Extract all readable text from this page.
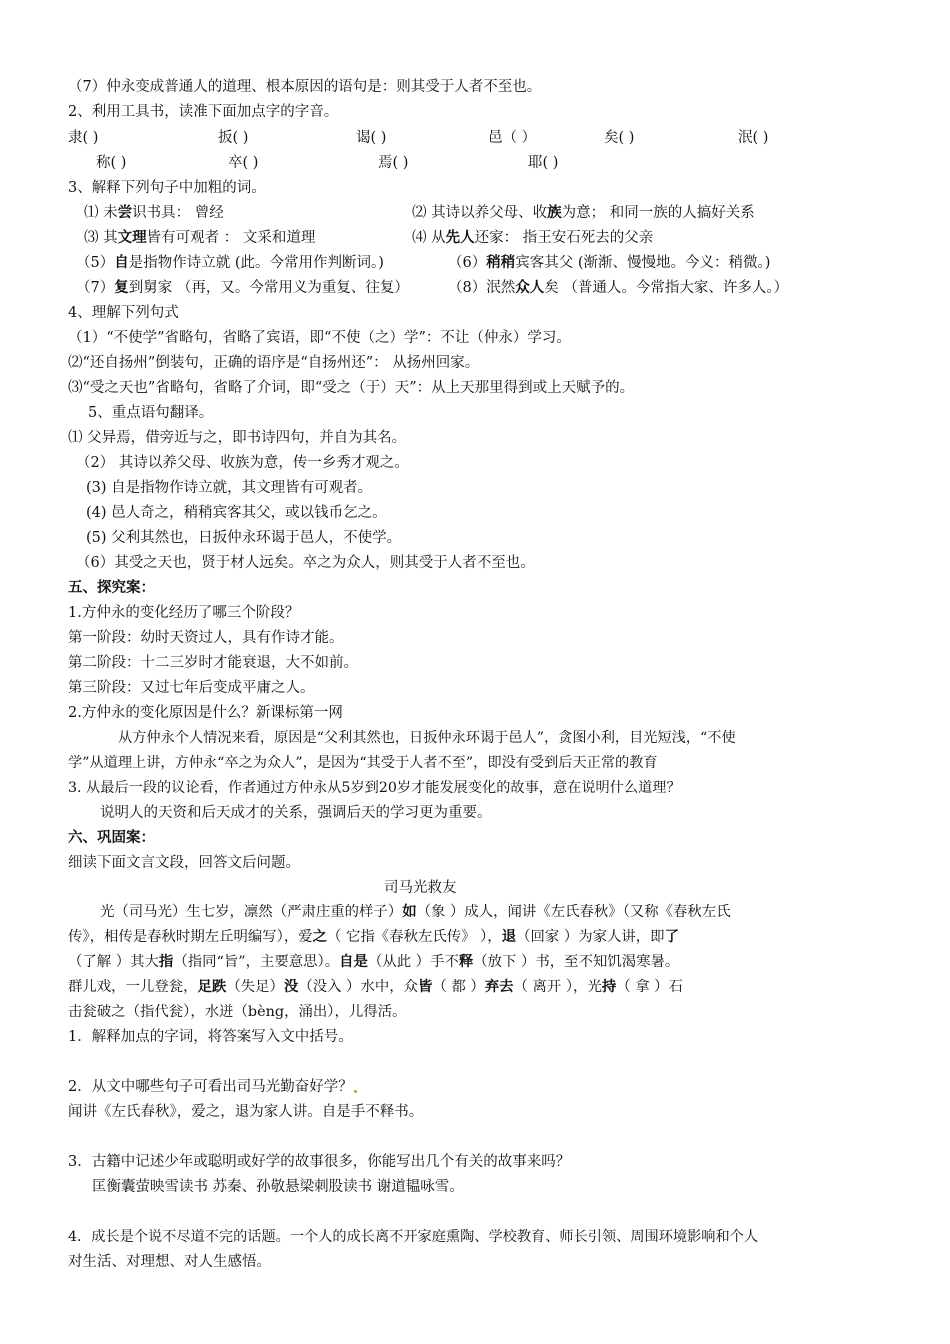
（7）仲永变成普通人的道理、根本原因的语句是：则其受于人者不至也。
2、利用工具书，读准下面加点字的字音。
隶( )	扳( )	谒( )	邑（ ）	矣( )	泯( )
称( )	卒( )	焉( )	耶( )
3、解释下列句子中加粗的词。
⑴ 未尝识书具： 曾经	⑵ 其诗以养父母、收族为意； 和同一族的人搞好关系
⑶ 其文理皆有可观者 ： 文采和道理	⑷ 从先人还家： 指王安石死去的父亲
（5）自是指物作诗立就 (此。今常用作判断词。)	（6）稍稍宾客其父 (渐渐、慢慢地。今义：稍微。)
（7）复到舅家 （再，又。今常用义为重复、往复）	（8）泯然众人矣 （普通人。今常指大家、许多人。）
4、理解下列句式
（1）“不使学”省略句，省略了宾语，即“不使（之）学”：不让（仲永）学习。
⑵“还自扬州”倒装句，正确的语序是“自扬州还”： 从扬州回家。
⑶“受之天也”省略句，省略了介词，即“受之（于）天”：从上天那里得到或上天赋予的。
5、重点语句翻译。
⑴ 父异焉，借旁近与之，即书诗四句，并自为其名。
（2） 其诗以养父母、收族为意，传一乡秀才观之。
(3) 自是指物作诗立就，其文理皆有可观者。
(4) 邑人奇之，稍稍宾客其父，或以钱币乞之。
(5) 父利其然也，日扳仲永环谒于邑人，不使学。
（6）其受之天也，贤于材人远矣。卒之为众人，则其受于人者不至也。
五、探究案：
1.方仲永的变化经历了哪三个阶段？
第一阶段：幼时天资过人，具有作诗才能。
第二阶段：十二三岁时才能衰退，大不如前。
第三阶段：又过七年后变成平庸之人。
2.方仲永的变化原因是什么？新课标第一网
从方仲永个人情况来看，原因是“父利其然也，日扳仲永环谒于邑人”，贪图小利，目光短浅，“不使
学”从道理上讲，方仲永“卒之为众人”，是因为“其受于人者不至”，即没有受到后天正常的教育
3. 从最后一段的议论看，作者通过方仲永从5岁到20岁才能发展变化的故事，意在说明什么道理？
说明人的天资和后天成才的关系，强调后天的学习更为重要。
六、巩固案：
细读下面文言文段，回答文后问题。
司马光救友
光（司马光）生七岁，凛然（严肃庄重的样子）如（象 ）成人，闻讲《左氏春秋》（又称《春秋左氏
传》，相传是春秋时期左丘明编写），爱之（ 它指《春秋左氏传》 ），退（回家 ）为家人讲，即了
（了解 ）其大指（指同“旨”，主要意思）。自是（从此 ）手不释（放下 ）书，至不知饥渴寒暑。
群儿戏，一儿登瓮，足跌（失足）没（没入 ）水中，众皆（ 都 ）弃去（ 离开 ），光持（ 拿 ）石
击瓮破之（指代瓮），水迸（bèng，涌出），儿得活。
1．解释加点的字词，将答案写入文中括号。
2．从文中哪些句子可看出司马光勤奋好学？
闻讲《左氏春秋》，爱之，退为家人讲。自是手不释书。
3．古籍中记述少年或聪明或好学的故事很多，你能写出几个有关的故事来吗？
匡衡囊萤映雪读书 苏秦、孙敬悬梁刺股读书 谢道韫咏雪。
4．成长是个说不尽道不完的话题。一个人的成长离不开家庭熏陶、学校教育、师长引领、周围环境影响和个人
对生活、对理想、对人生感悟。
